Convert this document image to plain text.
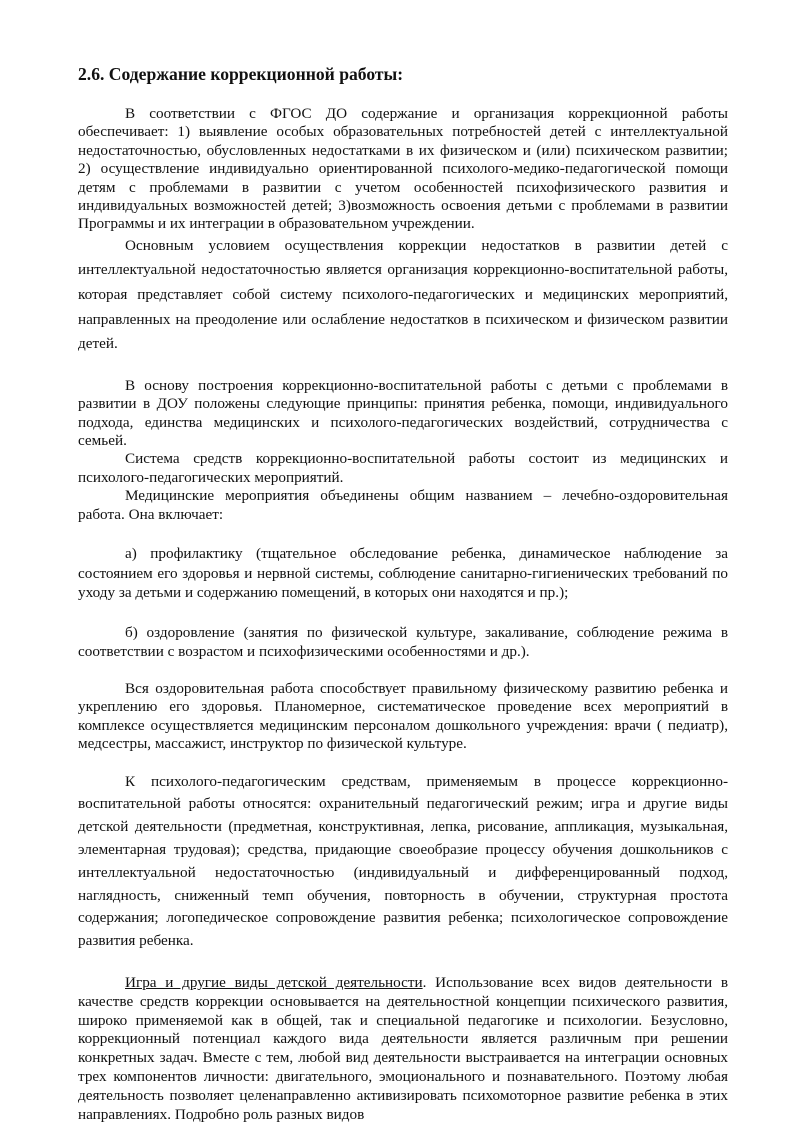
2.6. Содержание коррекционной работы:

В соответствии с ФГОС ДО содержание и организация коррекционной работы обеспечивает: 1) выявление особых образовательных потребностей детей с интеллектуальной недостаточностью, обусловленных недостатками в их физическом и (или) психическом развитии; 2) осуществление индивидуально ориентированной психолого-медико-педагогической помощи детям с проблемами в развитии с учетом особенностей психофизического развития и индивидуальных возможностей детей; 3)возможность освоения детьми с проблемами в развитии Программы и их интеграции в образовательном учреждении.

Основным условием осуществления коррекции недостатков в развитии детей с интеллектуальной недостаточностью является организация коррекционно-воспитательной работы, которая представляет собой систему психолого-педагогических и медицинских мероприятий, направленных на преодоление или ослабление недостатков в психическом и физическом развитии детей.

В основу построения коррекционно-воспитательной работы с детьми с проблемами в развитии в ДОУ положены следующие принципы: принятия ребенка, помощи, индивидуального подхода, единства медицинских и психолого-педагогических воздействий, сотрудничества с семьей.

Система средств коррекционно-воспитательной работы состоит из медицинских и психолого-педагогических мероприятий.

Медицинские мероприятия объединены общим названием – лечебно-оздоровительная работа. Она включает:

а) профилактику (тщательное обследование ребенка, динамическое наблюдение за состоянием его здоровья и нервной системы, соблюдение санитарно-гигиенических требований по уходу за детьми и содержанию помещений, в которых они находятся и пр.);

б) оздоровление (занятия по физической культуре, закаливание, соблюдение режима в соответствии с возрастом и психофизическими особенностями и др.).

Вся оздоровительная работа способствует правильному физическому развитию ребенка и укреплению его здоровья. Планомерное, систематическое проведение всех мероприятий в комплексе осуществляется медицинским персоналом дошкольного учреждения: врачи ( педиатр), медсестры, массажист, инструктор по физической культуре.

К психолого-педагогическим средствам, применяемым в процессе коррекционно-воспитательной работы относятся: охранительный педагогический режим; игра и другие виды детской деятельности (предметная, конструктивная, лепка, рисование, аппликация, музыкальная, элементарная трудовая); средства, придающие своеобразие процессу обучения дошкольников с интеллектуальной недостаточностью (индивидуальный и дифференцированный подход, наглядность, сниженный темп обучения, повторность в обучении, структурная простота содержания; логопедическое сопровождение развития ребенка; психологическое сопровождение развития ребенка.

Игра и другие виды детской деятельности. Использование всех видов деятельности в качестве средств коррекции основывается на деятельностной концепции психического развития, широко применяемой как в общей, так и специальной педагогике и психологии. Безусловно, коррекционный потенциал каждого вида деятельности является различным при решении конкретных задач. Вместе с тем, любой вид деятельности выстраивается на интеграции основных трех компонентов личности: двигательного, эмоционального и познавательного. Поэтому любая деятельность позволяет целенаправленно активизировать психомоторное развитие ребенка в этих направлениях. Подробно роль разных видов
